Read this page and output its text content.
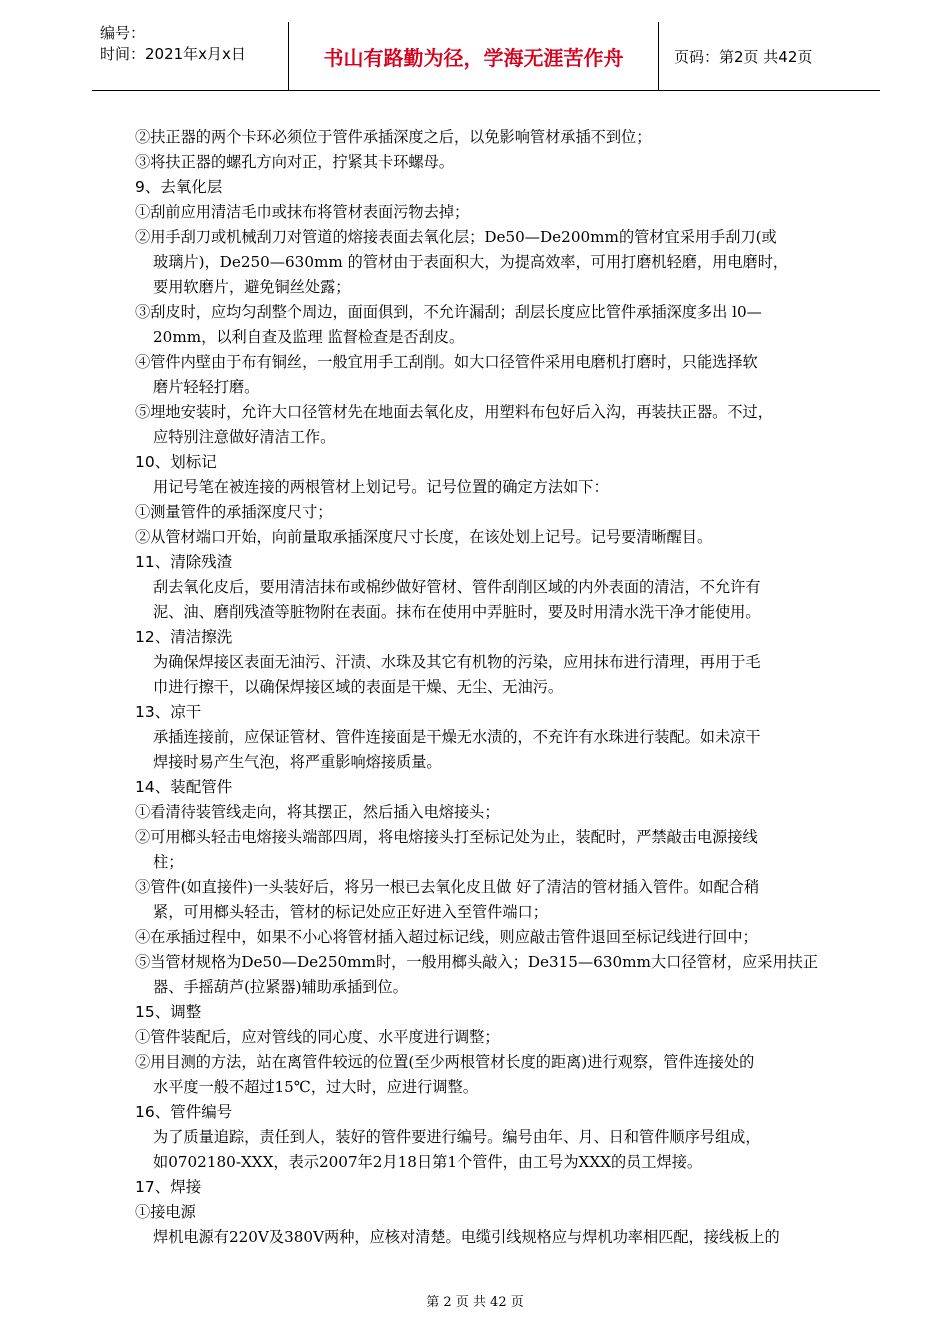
编号：
时间：2021年x月x日	书山有路勤为径，学海无涯苦作舟	页码：第2页 共42页
②扶正器的两个卡环必须位于管件承插深度之后，以免影响管材承插不到位；
③将扶正器的螺孔方向对正，拧紧其卡环螺母。
9、去氧化层
①刮前应用清洁毛巾或抹布将管材表面污物去掉；
②用手刮刀或机械刮刀对管道的熔接表面去氧化层；De50—De200mm的管材宜采用手刮刀(或
玻璃片)，De250—630mm 的管材由于表面积大，为提高效率，可用打磨机轻磨，用电磨时，
要用软磨片，避免铜丝处露；
③刮皮时，应均匀刮整个周边，面面俱到，不允许漏刮；刮层长度应比管件承插深度多出 l0—
20mm，以利自查及监理 监督检查是否刮皮。
④管件内壁由于布有铜丝，一般宜用手工刮削。如大口径管件采用电磨机打磨时，只能选择软
磨片轻轻打磨。
⑤埋地安装时，允许大口径管材先在地面去氧化皮，用塑料布包好后入沟，再装扶正器。不过，
应特别注意做好清洁工作。
10、划标记
用记号笔在被连接的两根管材上划记号。记号位置的确定方法如下：
①测量管件的承插深度尺寸；
②从管材端口开始，向前量取承插深度尺寸长度，在该处划上记号。记号要清晰醒目。
11、清除残渣
刮去氧化皮后，要用清洁抹布或棉纱做好管材、管件刮削区域的内外表面的清洁，不允许有
泥、油、磨削残渣等脏物附在表面。抹布在使用中弄脏时，要及时用清水洗干净才能使用。
12、清洁擦洗
为确保焊接区表面无油污、汗渍、水珠及其它有机物的污染，应用抹布进行清理，再用于毛
巾进行擦干，以确保焊接区域的表面是干燥、无尘、无油污。
13、凉干
承插连接前，应保证管材、管件连接面是干燥无水渍的，不充许有水珠进行装配。如未凉干
焊接时易产生气泡，将严重影响熔接质量。
14、装配管件
①看清待装管线走向，将其摆正，然后插入电熔接头；
②可用榔头轻击电熔接头端部四周，将电熔接头打至标记处为止，装配时，严禁敲击电源接线
柱；
③管件(如直接件)一头装好后，将另一根已去氧化皮且做 好了清洁的管材插入管件。如配合稍
紧，可用榔头轻击，管材的标记处应正好进入至管件端口；
④在承插过程中，如果不小心将管材插入超过标记线，则应敲击管件退回至标记线进行回中；
⑤当管材规格为De50—De250mm时，一般用榔头敲入；De315—630mm大口径管材，应采用扶正
器、手摇葫芦(拉紧器)辅助承插到位。
15、调整
①管件装配后，应对管线的同心度、水平度进行调整；
②用目测的方法，站在离管件较远的位置(至少两根管材长度的距离)进行观察，管件连接处的
水平度一般不超过15℃，过大时，应进行调整。
16、管件编号
为了质量追踪，责任到人，装好的管件要进行编号。编号由年、月、日和管件顺序号组成，
如0702180-XXX，表示2007年2月18日第1个管件，由工号为XXX的员工焊接。
17、焊接
①接电源
焊机电源有220V及380V两种，应核对清楚。电缆引线规格应与焊机功率相匹配，接线板上的
第 2 页 共 42 页
